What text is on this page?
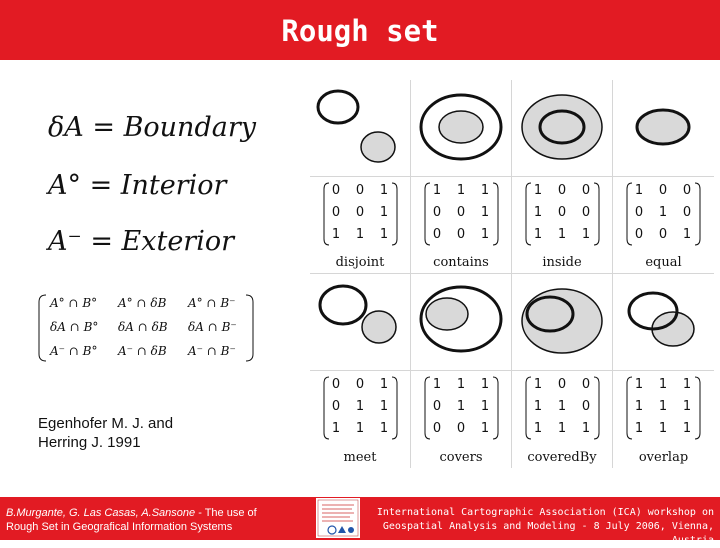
Rough set
δA = Boundary
A° = Interior
A⁻ = Exterior
A° ∩ B° A° ∩ δB A° ∩ B⁻
δA ∩ B° δA ∩ δB δA ∩ B⁻
A⁻ ∩ B° A⁻ ∩ δB A⁻ ∩ B⁻
0 0 1
0 0 1
1 1 1
disjoint
1 1 1
0 0 1
0 0 1
contains
1 0 0
1 0 0
1 1 1
inside
1 0 0
0 1 0
0 0 1
equal
0 0 1
0 1 1
1 1 1
meet
1 1 1
0 1 1
0 0 1
covers
1 0 0
1 1 0
1 1 1
coveredBy
1 1 1
1 1 1
1 1 1
overlap
Egenhofer M. J. and
Herring J. 1991
B.Murgante, G. Las Casas, A.Sansone - The use of
Rough Set in Geografical Information Systems
International Cartographic Association (ICA) workshop on
Geospatial Analysis and Modeling - 8 July 2006, Vienna, Austria
